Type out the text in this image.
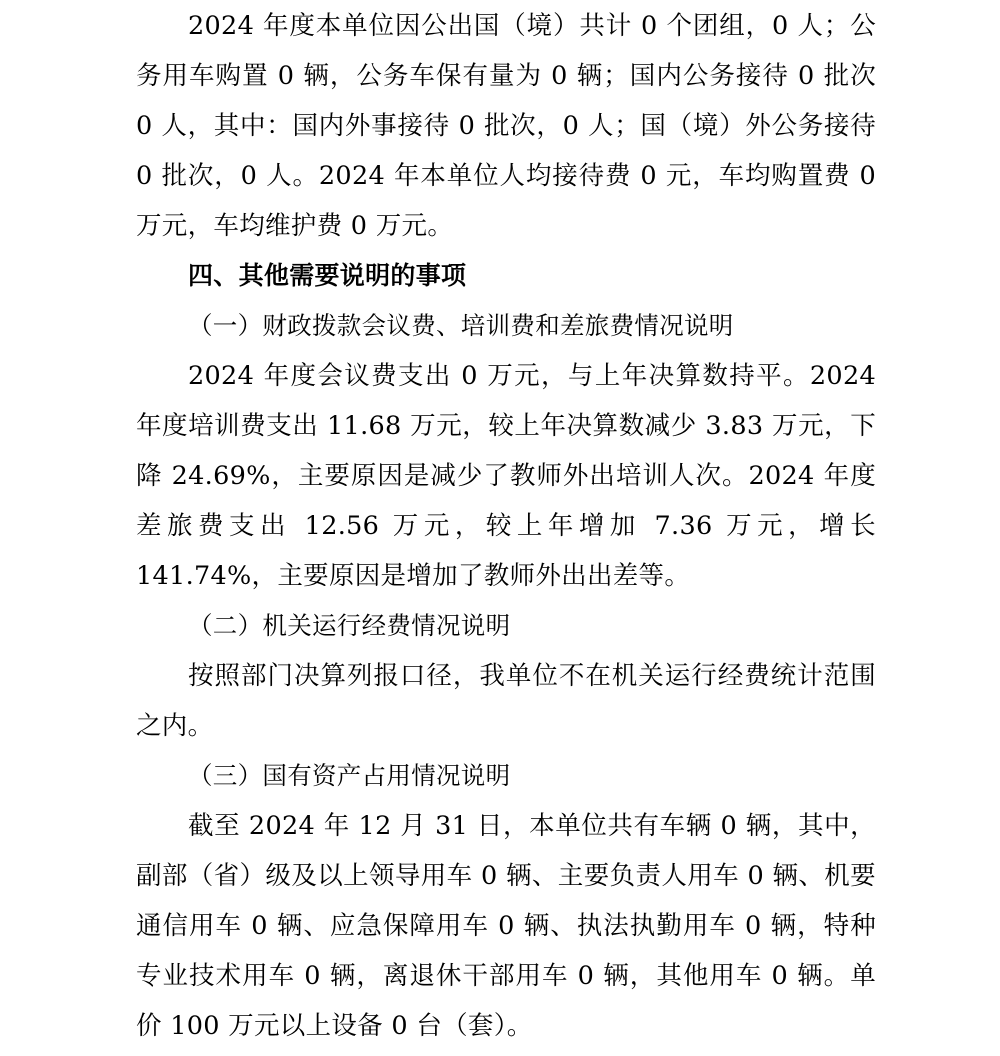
2024 年度本单位因公出国（境）共计 0 个团组，0 人；公务用车购置 0 辆，公务车保有量为 0 辆；国内公务接待 0 批次 0 人，其中：国内外事接待 0 批次，0 人；国（境）外公务接待 0 批次，0 人。2024 年本单位人均接待费 0 元，车均购置费 0 万元，车均维护费 0 万元。

四、其他需要说明的事项

（一）财政拨款会议费、培训费和差旅费情况说明

2024 年度会议费支出 0 万元，与上年决算数持平。2024 年度培训费支出 11.68 万元，较上年决算数减少 3.83 万元，下降 24.69%，主要原因是减少了教师外出培训人次。2024 年度差旅费支出 12.56 万元，较上年增加 7.36 万元，增长 141.74%，主要原因是增加了教师外出出差等。

（二）机关运行经费情况说明

按照部门决算列报口径，我单位不在机关运行经费统计范围之内。

（三）国有资产占用情况说明

截至 2024 年 12 月 31 日，本单位共有车辆 0 辆，其中，副部（省）级及以上领导用车 0 辆、主要负责人用车 0 辆、机要通信用车 0 辆、应急保障用车 0 辆、执法执勤用车 0 辆，特种专业技术用车 0 辆，离退休干部用车 0 辆，其他用车 0 辆。单价 100 万元以上设备 0 台（套）。
